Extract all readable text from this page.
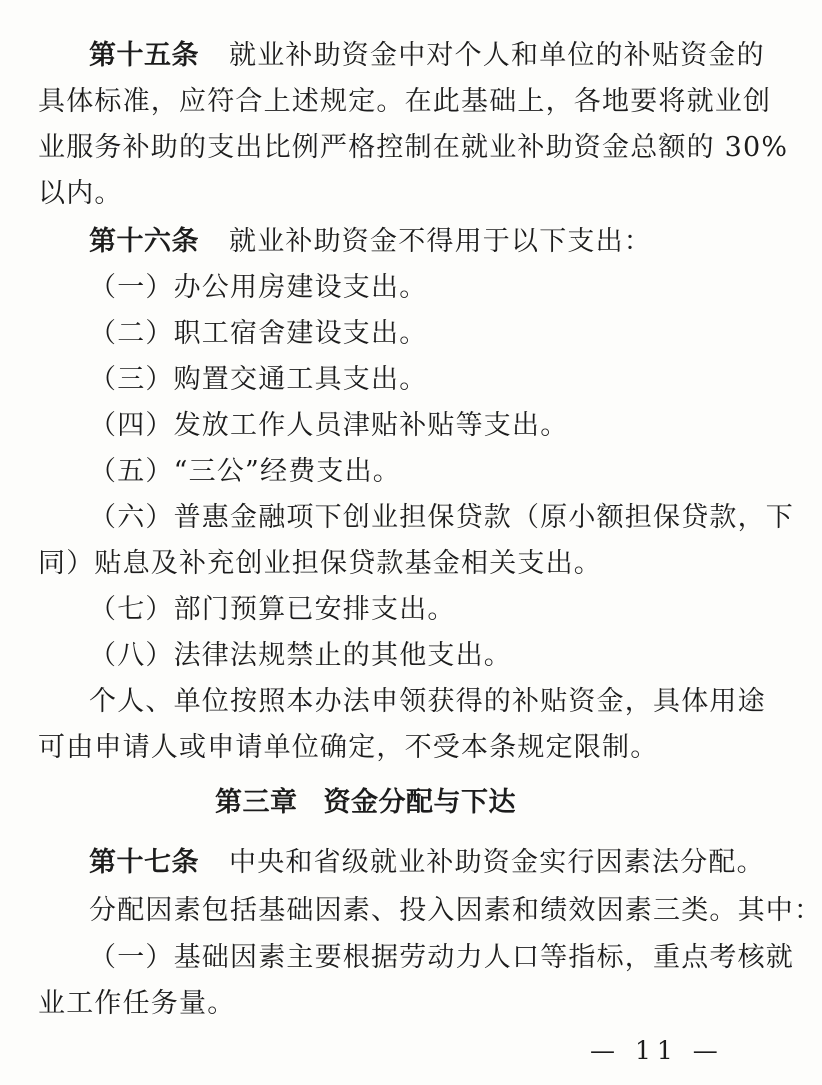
第十五条 就业补助资金中对个人和单位的补贴资金的
具体标准，应符合上述规定。在此基础上，各地要将就业创
业服务补助的支出比例严格控制在就业补助资金总额的 30%
以内。
第十六条 就业补助资金不得用于以下支出：
（一）办公用房建设支出。
（二）职工宿舍建设支出。
（三）购置交通工具支出。
（四）发放工作人员津贴补贴等支出。
（五）“三公”经费支出。
（六）普惠金融项下创业担保贷款（原小额担保贷款，下
同）贴息及补充创业担保贷款基金相关支出。
（七）部门预算已安排支出。
（八）法律法规禁止的其他支出。
个人、单位按照本办法申领获得的补贴资金，具体用途
可由申请人或申请单位确定，不受本条规定限制。
第三章 资金分配与下达
第十七条 中央和省级就业补助资金实行因素法分配。
分配因素包括基础因素、投入因素和绩效因素三类。其中：
（一）基础因素主要根据劳动力人口等指标，重点考核就
业工作任务量。
— 11 —
